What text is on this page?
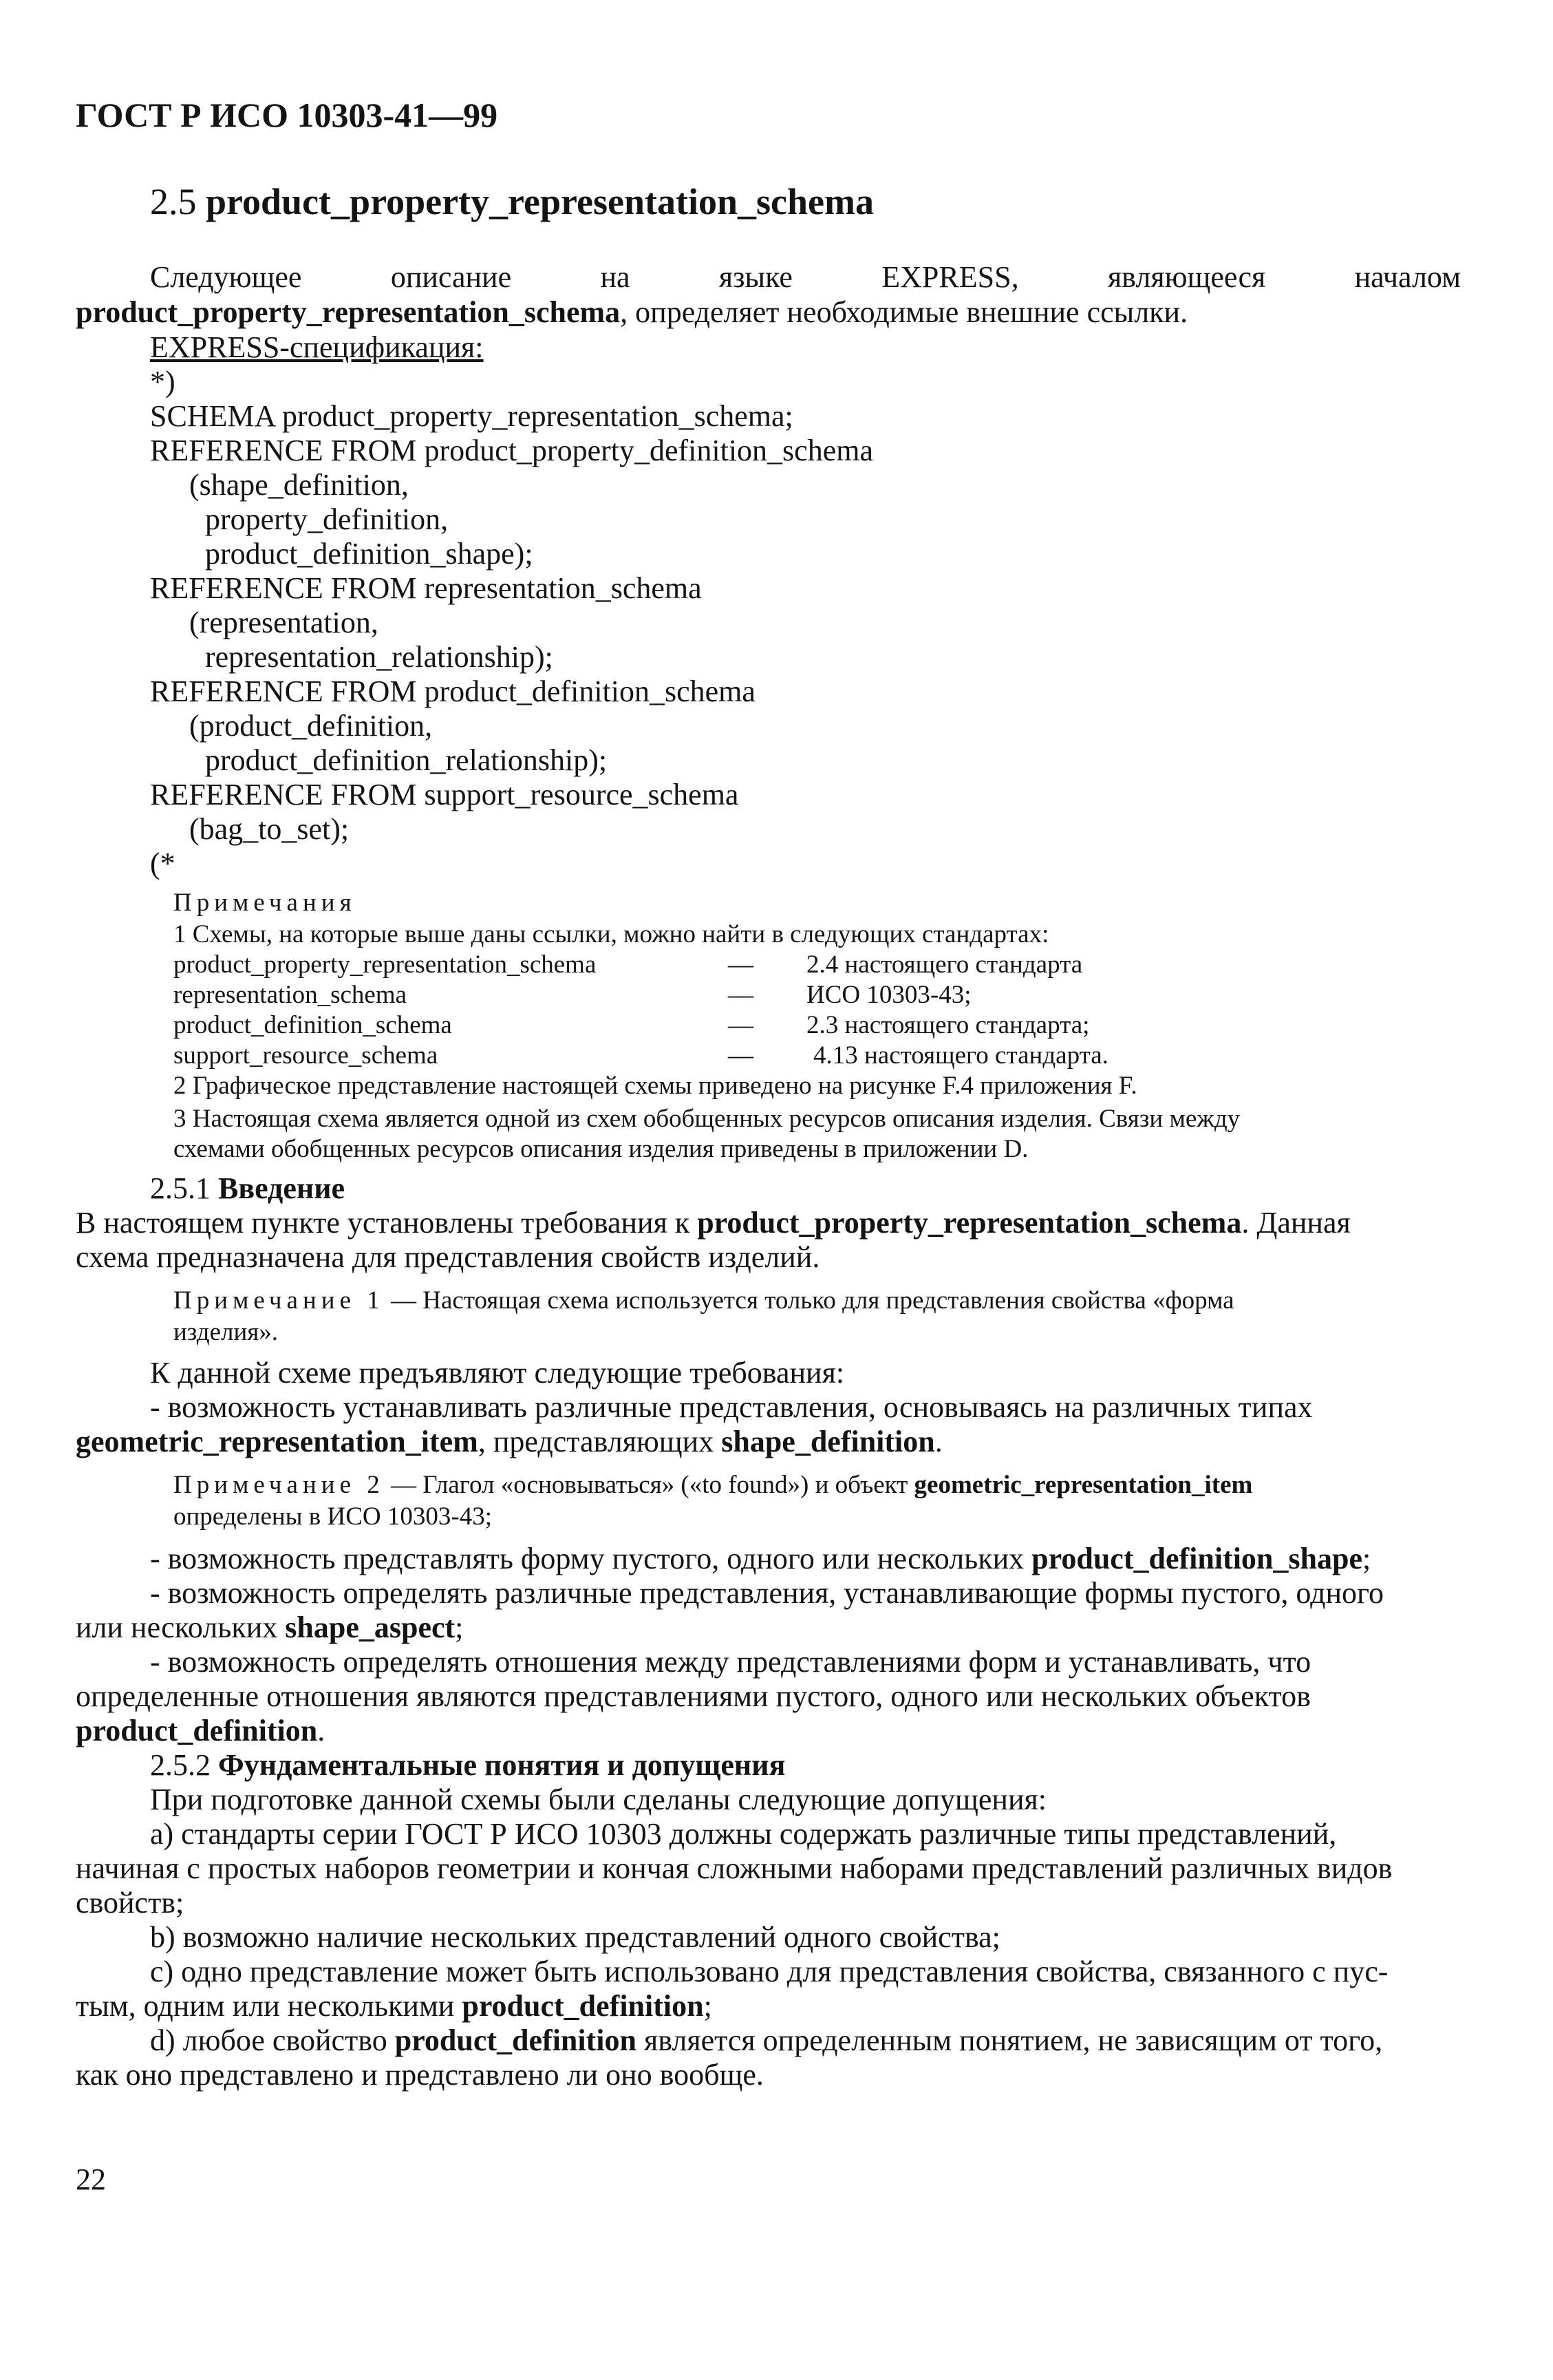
ГОСТ Р ИСО 10303-41—99
2.5 product_property_representation_schema
Следующее	описание	на	языке	EXPRESS,	являющееся	началом
product_property_representation_schema, определяет необходимые внешние ссылки.
EXPRESS-спецификация:
*)
SCHEMA product_property_representation_schema;
REFERENCE FROM product_property_definition_schema
(shape_definition,
property_definition,
product_definition_shape);
REFERENCE FROM representation_schema
(representation,
representation_relationship);
REFERENCE FROM product_definition_schema
(product_definition,
product_definition_relationship);
REFERENCE FROM support_resource_schema
(bag_to_set);
(*
Примечания
1 Схемы, на которые выше даны ссылки, можно найти в следующих стандартах:
product_property_representation_schema	— 2.4 настоящего стандарта
representation_schema	— ИСО 10303-43;
product_definition_schema	— 2.3 настоящего стандарта;
support_resource_schema	— 4.13 настоящего стандарта.
2 Графическое представление настоящей схемы приведено на рисунке F.4 приложения F.
3 Настоящая схема является одной из схем обобщенных ресурсов описания изделия. Связи между
схемами обобщенных ресурсов описания изделия приведены в приложении D.
2.5.1 Введение
В настоящем пункте установлены требования к product_property_representation_schema. Данная
схема предназначена для представления свойств изделий.
Примечание 1 — Настоящая схема используется только для представления свойства «форма
изделия».
К данной схеме предъявляют следующие требования:
- возможность устанавливать различные представления, основываясь на различных типах
geometric_representation_item, представляющих shape_definition.
Примечание 2 — Глагол «основываться» («to found») и объект geometric_representation_item
определены в ИСО 10303-43;
- возможность представлять форму пустого, одного или нескольких product_definition_shape;
- возможность определять различные представления, устанавливающие формы пустого, одного
или нескольких shape_aspect;
- возможность определять отношения между представлениями форм и устанавливать, что
определенные отношения являются представлениями пустого, одного или нескольких объектов
product_definition.
2.5.2 Фундаментальные понятия и допущения
При подготовке данной схемы были сделаны следующие допущения:
а) стандарты серии ГОСТ Р ИСО 10303 должны содержать различные типы представлений,
начиная с простых наборов геометрии и кончая сложными наборами представлений различных видов
свойств;
b) возможно наличие нескольких представлений одного свойства;
с) одно представление может быть использовано для представления свойства, связанного с пус-
тым, одним или несколькими product_definition;
d) любое свойство product_definition является определенным понятием, не зависящим от того,
как оно представлено и представлено ли оно вообще.
22
